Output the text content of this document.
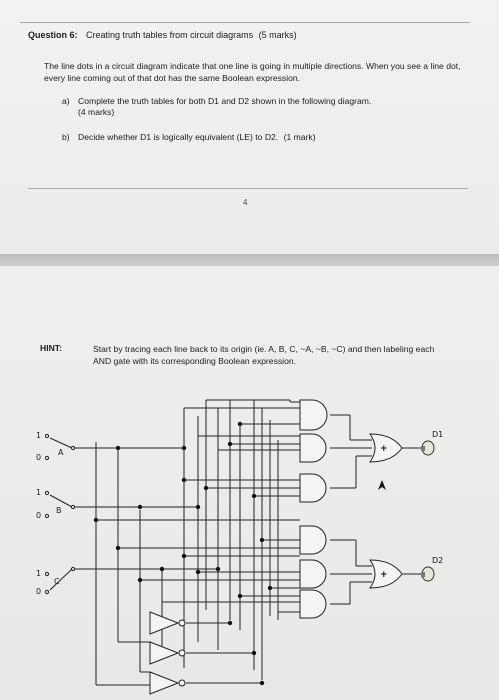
Question 6: Creating truth tables from circuit diagrams (5 marks)
The line dots in a circuit diagram indicate that one line is going in multiple directions. When you see a line dot, every line coming out of that dot has the same Boolean expression.
a) Complete the truth tables for both D1 and D2 shown in the following diagram.
(4 marks)
b) Decide whether D1 is logically equivalent (LE) to D2. (1 mark)
4
HINT:	Start by tracing each line back to its origin (ie. A, B, C, ~A, ~B, ~C) and then labeling each AND gate with its corresponding Boolean expression.
+
+
D1
D2
1
0
A
1
0
B
1
0
C
